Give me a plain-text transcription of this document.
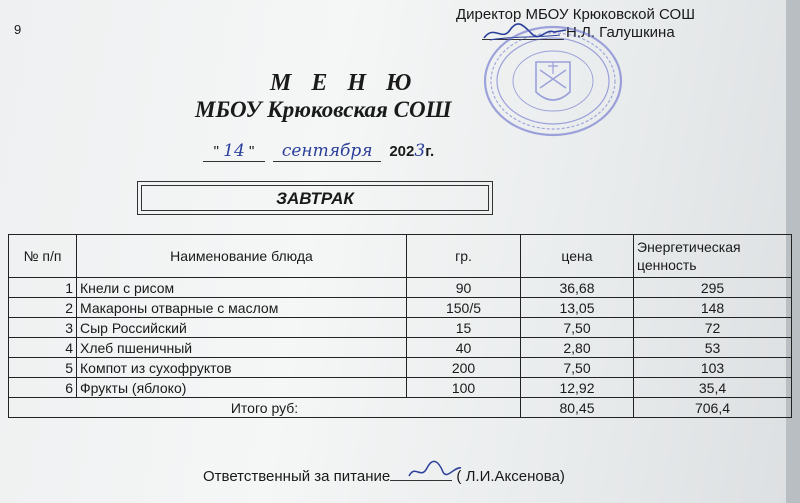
9
Директор МБОУ Крюковской СОШ
Н.Л. Галушкина
М Е Н Ю
МБОУ Крюковская СОШ
" 14 " сентября 2023г.
ЗАВТРАК
№ п/п	Наименование блюда	гр.	цена	Энергетическая ценность
1	Кнели с рисом	90	36,68	295
2	Макароны отварные с маслом	150/5	13,05	148
3	Сыр Российский	15	7,50	72
4	Хлеб пшеничный	40	2,80	53
5	Компот из сухофруктов	200	7,50	103
6	Фрукты (яблоко)	100	12,92	35,4
Итого руб:			80,45	706,4
Ответственный за питание	( Л.И.Аксенова)
